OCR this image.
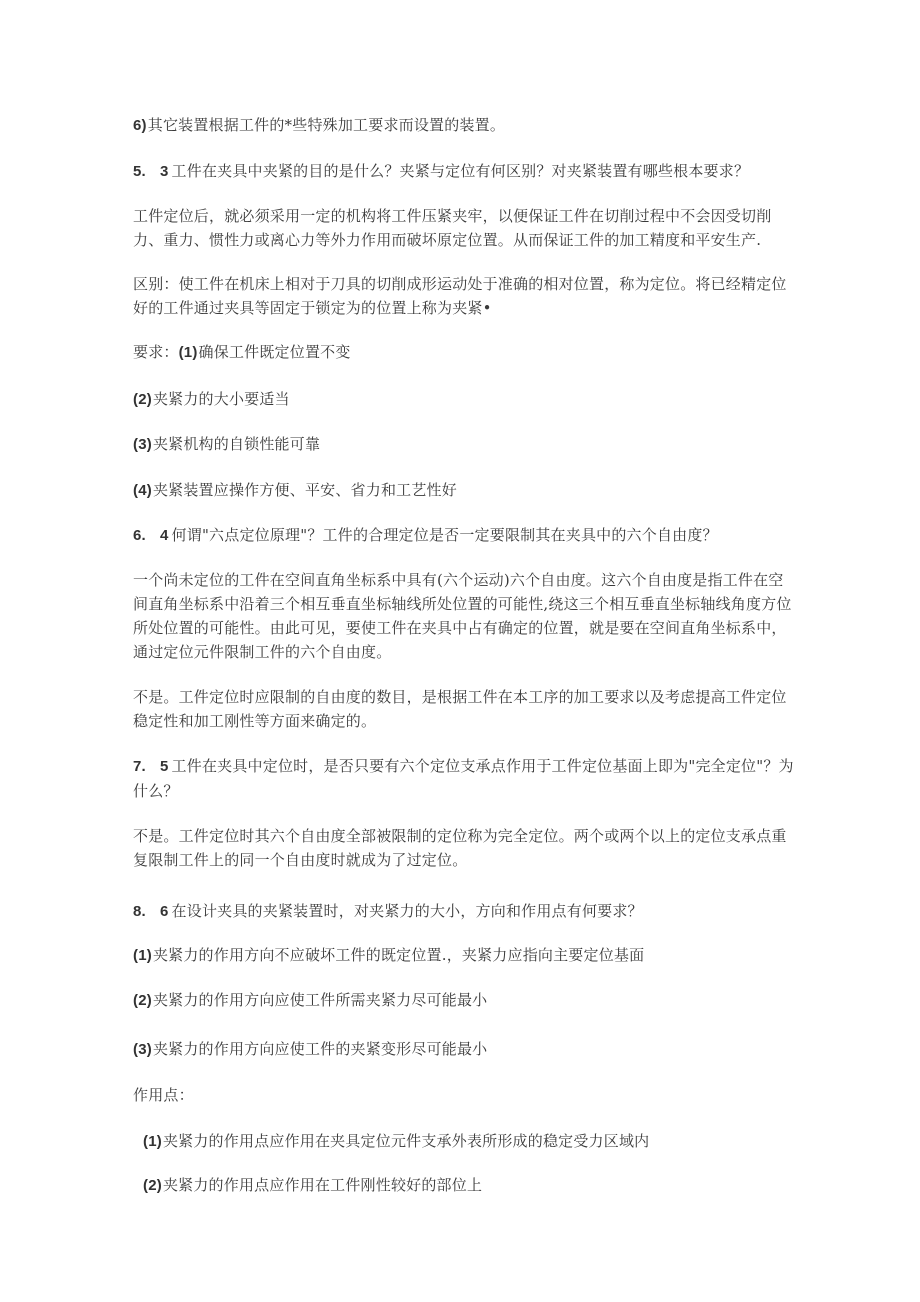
6)其它装置根据工件的*些特殊加工要求而设置的装置。

5. 3 工件在夹具中夹紧的目的是什么？夹紧与定位有何区别？对夹紧装置有哪些根本要求？

工件定位后，就必须采用一定的机构将工件压紧夹牢，以便保证工件在切削过程中不会因受切削力、重力、惯性力或离心力等外力作用而破坏原定位置。从而保证工件的加工精度和平安生产.

区别：使工件在机床上相对于刀具的切削成形运动处于准确的相对位置，称为定位。将已经精定位好的工件通过夹具等固定于锁定为的位置上称为夹紧•

要求：(1)确保工件既定位置不变

(2)夹紧力的大小要适当

(3)夹紧机构的自锁性能可靠

(4)夹紧装置应操作方便、平安、省力和工艺性好

6. 4 何谓"六点定位原理"？工件的合理定位是否一定要限制其在夹具中的六个自由度？

一个尚未定位的工件在空间直角坐标系中具有(六个运动)六个自由度。这六个自由度是指工件在空间直角坐标系中沿着三个相互垂直坐标轴线所处位置的可能性,绕这三个相互垂直坐标轴线角度方位所处位置的可能性。由此可见，要使工件在夹具中占有确定的位置，就是要在空间直角坐标系中，通过定位元件限制工件的六个自由度。

不是。工件定位时应限制的自由度的数目，是根据工件在本工序的加工要求以及考虑提高工件定位稳定性和加工刚性等方面来确定的。

7. 5 工件在夹具中定位时，是否只要有六个定位支承点作用于工件定位基面上即为"完全定位"？为什么？

不是。工件定位时其六个自由度全部被限制的定位称为完全定位。两个或两个以上的定位支承点重复限制工件上的同一个自由度时就成为了过定位。

8. 6 在设计夹具的夹紧装置时，对夹紧力的大小，方向和作用点有何要求？

(1)夹紧力的作用方向不应破坏工件的既定位置.，夹紧力应指向主要定位基面

(2)夹紧力的作用方向应使工件所需夹紧力尽可能最小

(3)夹紧力的作用方向应使工件的夹紧变形尽可能最小

作用点：

(1)夹紧力的作用点应作用在夹具定位元件支承外表所形成的稳定受力区域内

(2)夹紧力的作用点应作用在工件刚性较好的部位上
